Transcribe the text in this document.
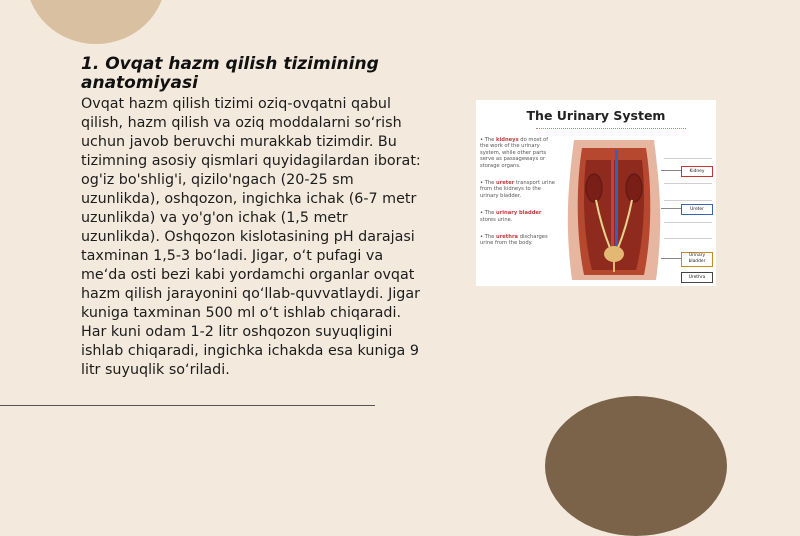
1. Ovqat hazm qilish tizimining anatomiyasi

Ovqat hazm qilish tizimi oziq-ovqatni qabul qilish, hazm qilish va oziq moddalarni so‘rish uchun javob beruvchi murakkab tizimdir. Bu tizimning asosiy qismlari quyidagilardan iborat: og'iz bo'shlig'i, qizilo'ngach (20-25 sm uzunlikda), oshqozon, ingichka ichak (6-7 metr uzunlikda) va yo'g'on ichak (1,5 metr uzunlikda). Oshqozon kislotasining pH darajasi taxminan 1,5-3 bo‘ladi. Jigar, o‘t pufagi va me‘da osti bezi kabi yordamchi organlar ovqat hazm qilish jarayonini qo‘llab-quvvatlaydi. Jigar kuniga taxminan 500 ml o‘t ishlab chiqaradi. Har kuni odam 1-2 litr oshqozon suyuqligini ishlab chiqaradi, ingichka ichakda esa kuniga 9 litr suyuqlik so‘riladi.

The Urinary System

• The kidneys do most of the work of the urinary system, while other parts serve as passageways or storage organs.

• The ureter transport urine from the kidneys to the urinary bladder.

• The urinary bladder stores urine.

• The urethra discharges urine from the body.

Kidney
Ureter
Urinary bladder
Urethra
